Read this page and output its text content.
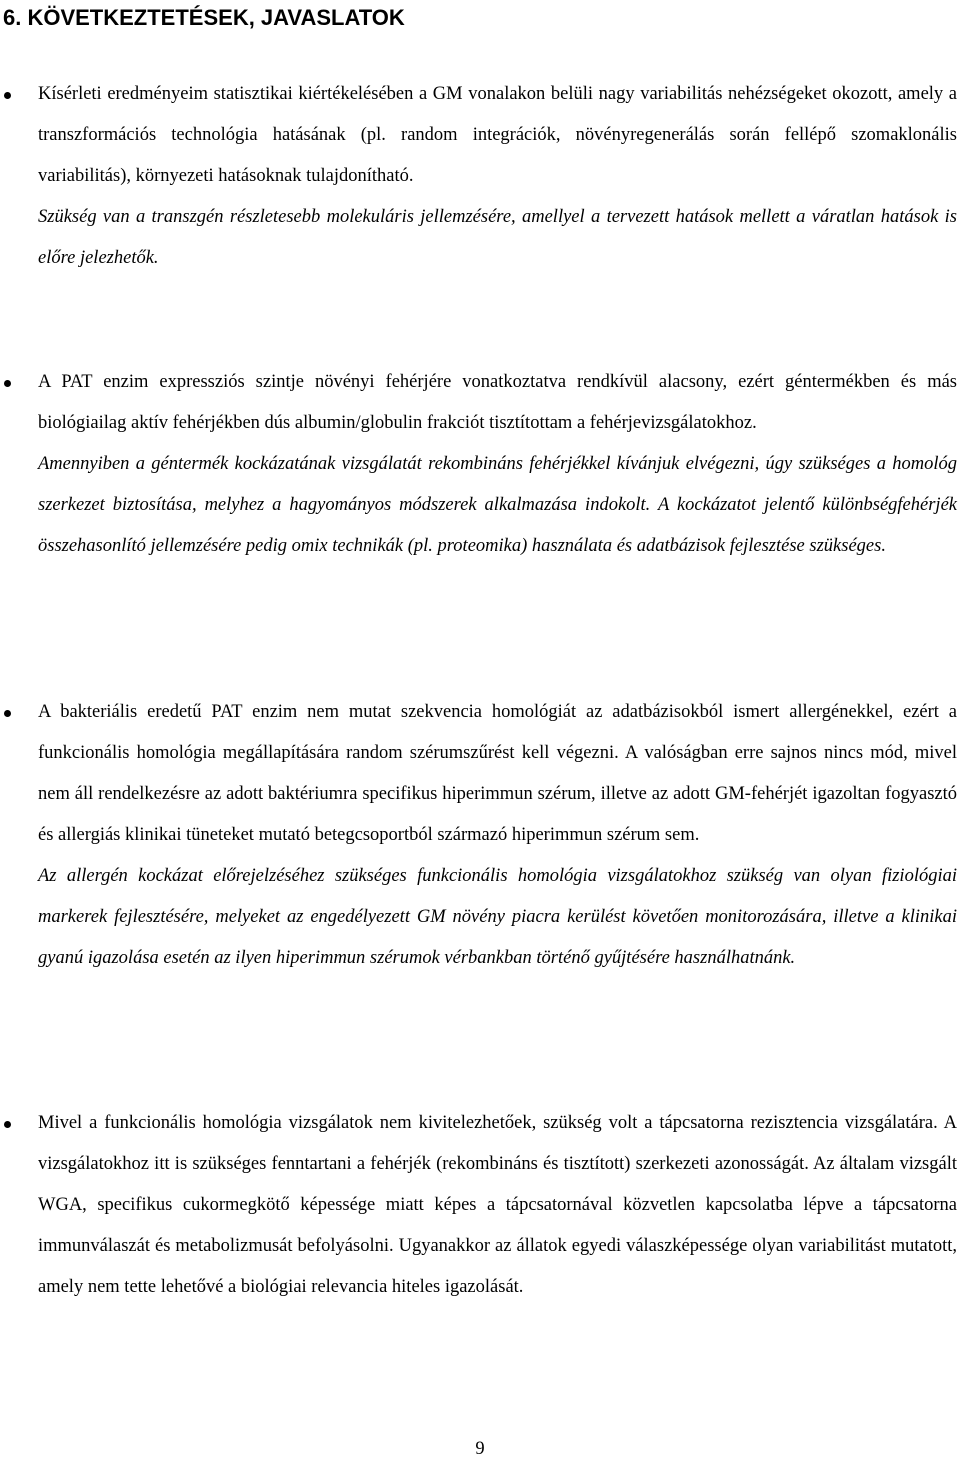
6. KÖVETKEZTETÉSEK, JAVASLATOK

Kísérleti eredményeim statisztikai kiértékelésében a GM vonalakon belüli nagy variabilitás nehézségeket okozott, amely a transzformációs technológia hatásának (pl. random integrációk, növényregenerálás során fellépő szomaklonális variabilitás), környezeti hatásoknak tulajdonítható.

Szükség van a transzgén részletesebb molekuláris jellemzésére, amellyel a tervezett hatások mellett a váratlan hatások is előre jelezhetők.

A PAT enzim expressziós szintje növényi fehérjére vonatkoztatva rendkívül alacsony, ezért géntermékben és más biológiailag aktív fehérjékben dús albumin/globulin frakciót tisztítottam a fehérjevizsgálatokhoz.

Amennyiben a géntermék kockázatának vizsgálatát rekombináns fehérjékkel kívánjuk elvégezni, úgy szükséges a homológ szerkezet biztosítása, melyhez a hagyományos módszerek alkalmazása indokolt. A kockázatot jelentő különbségfehérjék összehasonlító jellemzésére pedig omix technikák (pl. proteomika) használata és adatbázisok fejlesztése szükséges.

A bakteriális eredetű PAT enzim nem mutat szekvencia homológiát az adatbázisokból ismert allergénekkel, ezért a funkcionális homológia megállapítására random szérumszűrést kell végezni. A valóságban erre sajnos nincs mód, mivel nem áll rendelkezésre az adott baktériumra specifikus hiperimmun szérum, illetve az adott GM-fehérjét igazoltan fogyasztó és allergiás klinikai tüneteket mutató betegcsoportból származó hiperimmun szérum sem.

Az allergén kockázat előrejelzéséhez szükséges funkcionális homológia vizsgálatokhoz szükség van olyan fiziológiai markerek fejlesztésére, melyeket az engedélyezett GM növény piacra kerülést követően monitorozására, illetve a klinikai gyanú igazolása esetén az ilyen hiperimmun szérumok vérbankban történő gyűjtésére használhatnánk.

Mivel a funkcionális homológia vizsgálatok nem kivitelezhetőek, szükség volt a tápcsatorna rezisztencia vizsgálatára. A vizsgálatokhoz itt is szükséges fenntartani a fehérjék (rekombináns és tisztított) szerkezeti azonosságát. Az általam vizsgált WGA, specifikus cukormegkötő képessége miatt képes a tápcsatornával közvetlen kapcsolatba lépve a tápcsatorna immunválaszát és metabolizmusát befolyásolni. Ugyanakkor az állatok egyedi válaszképessége olyan variabilitást mutatott, amely nem tette lehetővé a biológiai relevancia hiteles igazolását.

9
